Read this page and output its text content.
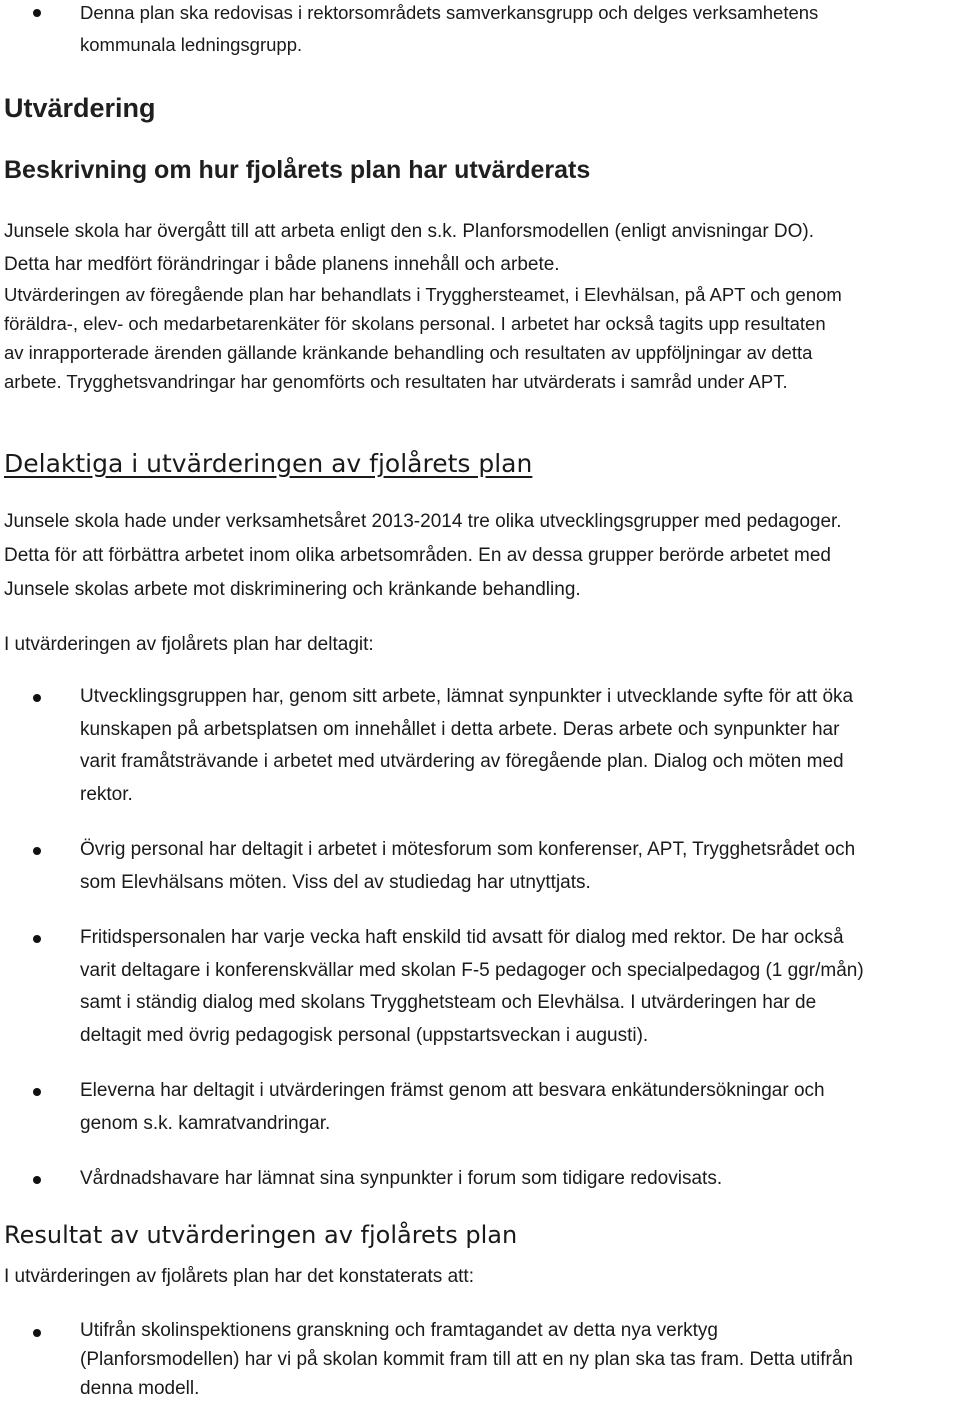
Denna plan ska redovisas i rektorsområdets samverkansgrupp och delges verksamhetens
kommunala ledningsgrupp.
Utvärdering
Beskrivning om hur fjolårets plan har utvärderats
Junsele skola har övergått till att arbeta enligt den s.k. Planforsmodellen (enligt anvisningar DO).
Detta har medfört förändringar i både planens innehåll och arbete.
Utvärderingen av föregående plan har behandlats i Trygghersteamet, i Elevhälsan, på APT och genom
föräldra-, elev- och medarbetarenkäter för skolans personal. I arbetet har också tagits upp resultaten
av inrapporterade ärenden gällande kränkande behandling och resultaten av uppföljningar av detta
arbete. Trygghetsvandringar har genomförts och resultaten har utvärderats i samråd under APT.
Delaktiga i utvärderingen av fjolårets plan
Junsele skola hade under verksamhetsåret 2013-2014 tre olika utvecklingsgrupper med pedagoger.
Detta för att förbättra arbetet inom olika arbetsområden. En av dessa grupper berörde arbetet med
Junsele skolas arbete mot diskriminering och kränkande behandling.
I utvärderingen av fjolårets plan har deltagit:
Utvecklingsgruppen har, genom sitt arbete, lämnat synpunkter i utvecklande syfte för att öka
kunskapen på arbetsplatsen om innehållet i detta arbete. Deras arbete och synpunkter har
varit framåtsträvande i arbetet med utvärdering av föregående plan. Dialog och möten med
rektor.
Övrig personal har deltagit i arbetet i mötesforum som konferenser, APT, Trygghetsrådet och
som Elevhälsans möten. Viss del av studiedag har utnyttjats.
Fritidspersonalen har varje vecka haft enskild tid avsatt för dialog med rektor. De har också
varit deltagare i konferenskvällar med skolan F-5 pedagoger och specialpedagog (1 ggr/mån)
samt i ständig dialog med skolans Trygghetsteam och Elevhälsa. I utvärderingen har de
deltagit med övrig pedagogisk personal (uppstartsveckan i augusti).
Eleverna har deltagit i utvärderingen främst genom att besvara enkätundersökningar och
genom s.k. kamratvandringar.
Vårdnadshavare har lämnat sina synpunkter i forum som tidigare redovisats.
Resultat av utvärderingen av fjolårets plan
I utvärderingen av fjolårets plan har det konstaterats att:
Utifrån skolinspektionens granskning och framtagandet av detta nya verktyg
(Planforsmodellen) har vi på skolan kommit fram till att en ny plan ska tas fram. Detta utifrån
denna modell.
